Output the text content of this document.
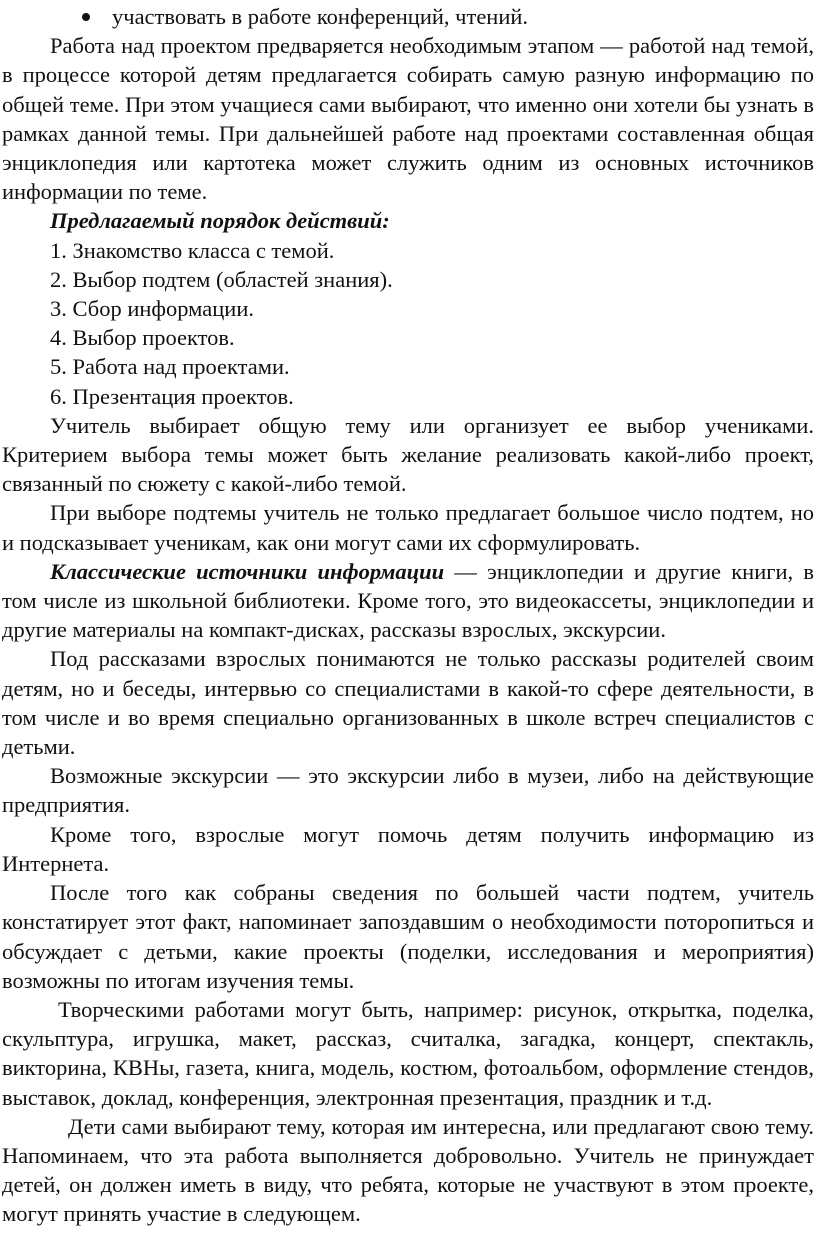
участвовать в работе конференций, чтений.

Работа над проектом предваряется необходимым этапом — работой над темой, в процессе которой детям предлагается собирать самую разную информацию по общей теме. При этом учащиеся сами выбирают, что именно они хотели бы узнать в рамках данной темы. При дальнейшей работе над проектами составленная общая энциклопедия или картотека может служить одним из основных источников информации по теме.

Предлагаемый порядок действий:

1. Знакомство класса с темой.
2. Выбор подтем (областей знания).
3. Сбор информации.
4. Выбор проектов.
5. Работа над проектами.
6. Презентация проектов.

Учитель выбирает общую тему или организует ее выбор учениками. Критерием выбора темы может быть желание реализовать какой-либо проект, связанный по сюжету с какой-либо темой.

При выборе подтемы учитель не только предлагает большое число подтем, но и подсказывает ученикам, как они могут сами их сформулировать.

Классические источники информации — энциклопедии и другие книги, в том числе из школьной библиотеки. Кроме того, это видеокассеты, энциклопедии и другие материалы на компакт-дисках, рассказы взрослых, экскурсии.

Под рассказами взрослых понимаются не только рассказы родителей своим детям, но и беседы, интервью со специалистами в какой-то сфере деятельности, в том числе и во время специально организованных в школе встреч специалистов с детьми.

Возможные экскурсии — это экскурсии либо в музеи, либо на действующие предприятия.

Кроме того, взрослые могут помочь детям получить информацию из Интернета.

После того как собраны сведения по большей части подтем, учитель констатирует этот факт, напоминает запоздавшим о необходимости поторопиться и обсуждает с детьми, какие проекты (поделки, исследования и мероприятия) возможны по итогам изучения темы.

Творческими работами могут быть, например: рисунок, открытка, поделка, скульптура, игрушка, макет, рассказ, считалка, загадка, концерт, спектакль, викторина, КВНы, газета, книга, модель, костюм, фотоальбом, оформление стендов, выставок, доклад, конференция, электронная презентация, праздник и т.д.

Дети сами выбирают тему, которая им интересна, или предлагают свою тему. Напоминаем, что эта работа выполняется добровольно. Учитель не принуждает детей, он должен иметь в виду, что ребята, которые не участвуют в этом проекте, могут принять участие в следующем.
